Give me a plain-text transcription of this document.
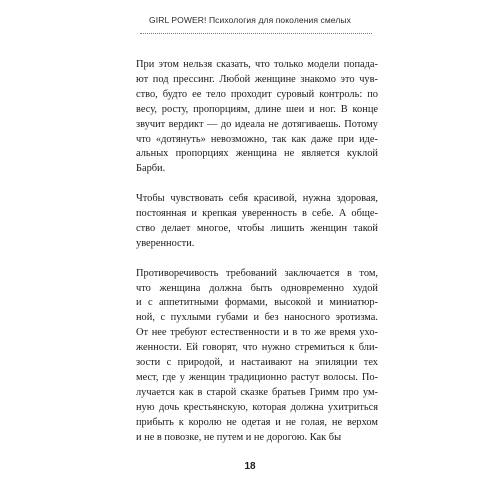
GIRL POWER! Психология для поколения смелых
При этом нельзя сказать, что только модели попада-
ют под прессинг. Любой женщине знакомо это чув-
ство, будто ее тело проходит суровый контроль: по
весу, росту, пропорциям, длине шеи и ног. В конце
звучит вердикт — до идеала не дотягиваешь. Потому
что «дотянуть» невозможно, так как даже при иде-
альных пропорциях женщина не является куклой
Барби.
Чтобы чувствовать себя красивой, нужна здоровая,
постоянная и крепкая уверенность в себе. А обще-
ство делает многое, чтобы лишить женщин такой
уверенности.
Противоречивость требований заключается в том,
что женщина должна быть одновременно худой
и с аппетитными формами, высокой и миниатюр-
ной, с пухлыми губами и без наносного эротизма.
От нее требуют естественности и в то же время ухо-
женности. Ей говорят, что нужно стремиться к бли-
зости с природой, и настаивают на эпиляции тех
мест, где у женщин традиционно растут волосы. По-
лучается как в старой сказке братьев Гримм про ум-
ную дочь крестьянскую, которая должна ухитриться
прибыть к королю не одетая и не голая, не верхом
и не в повозке, не путем и не дорогою. Как бы
18
